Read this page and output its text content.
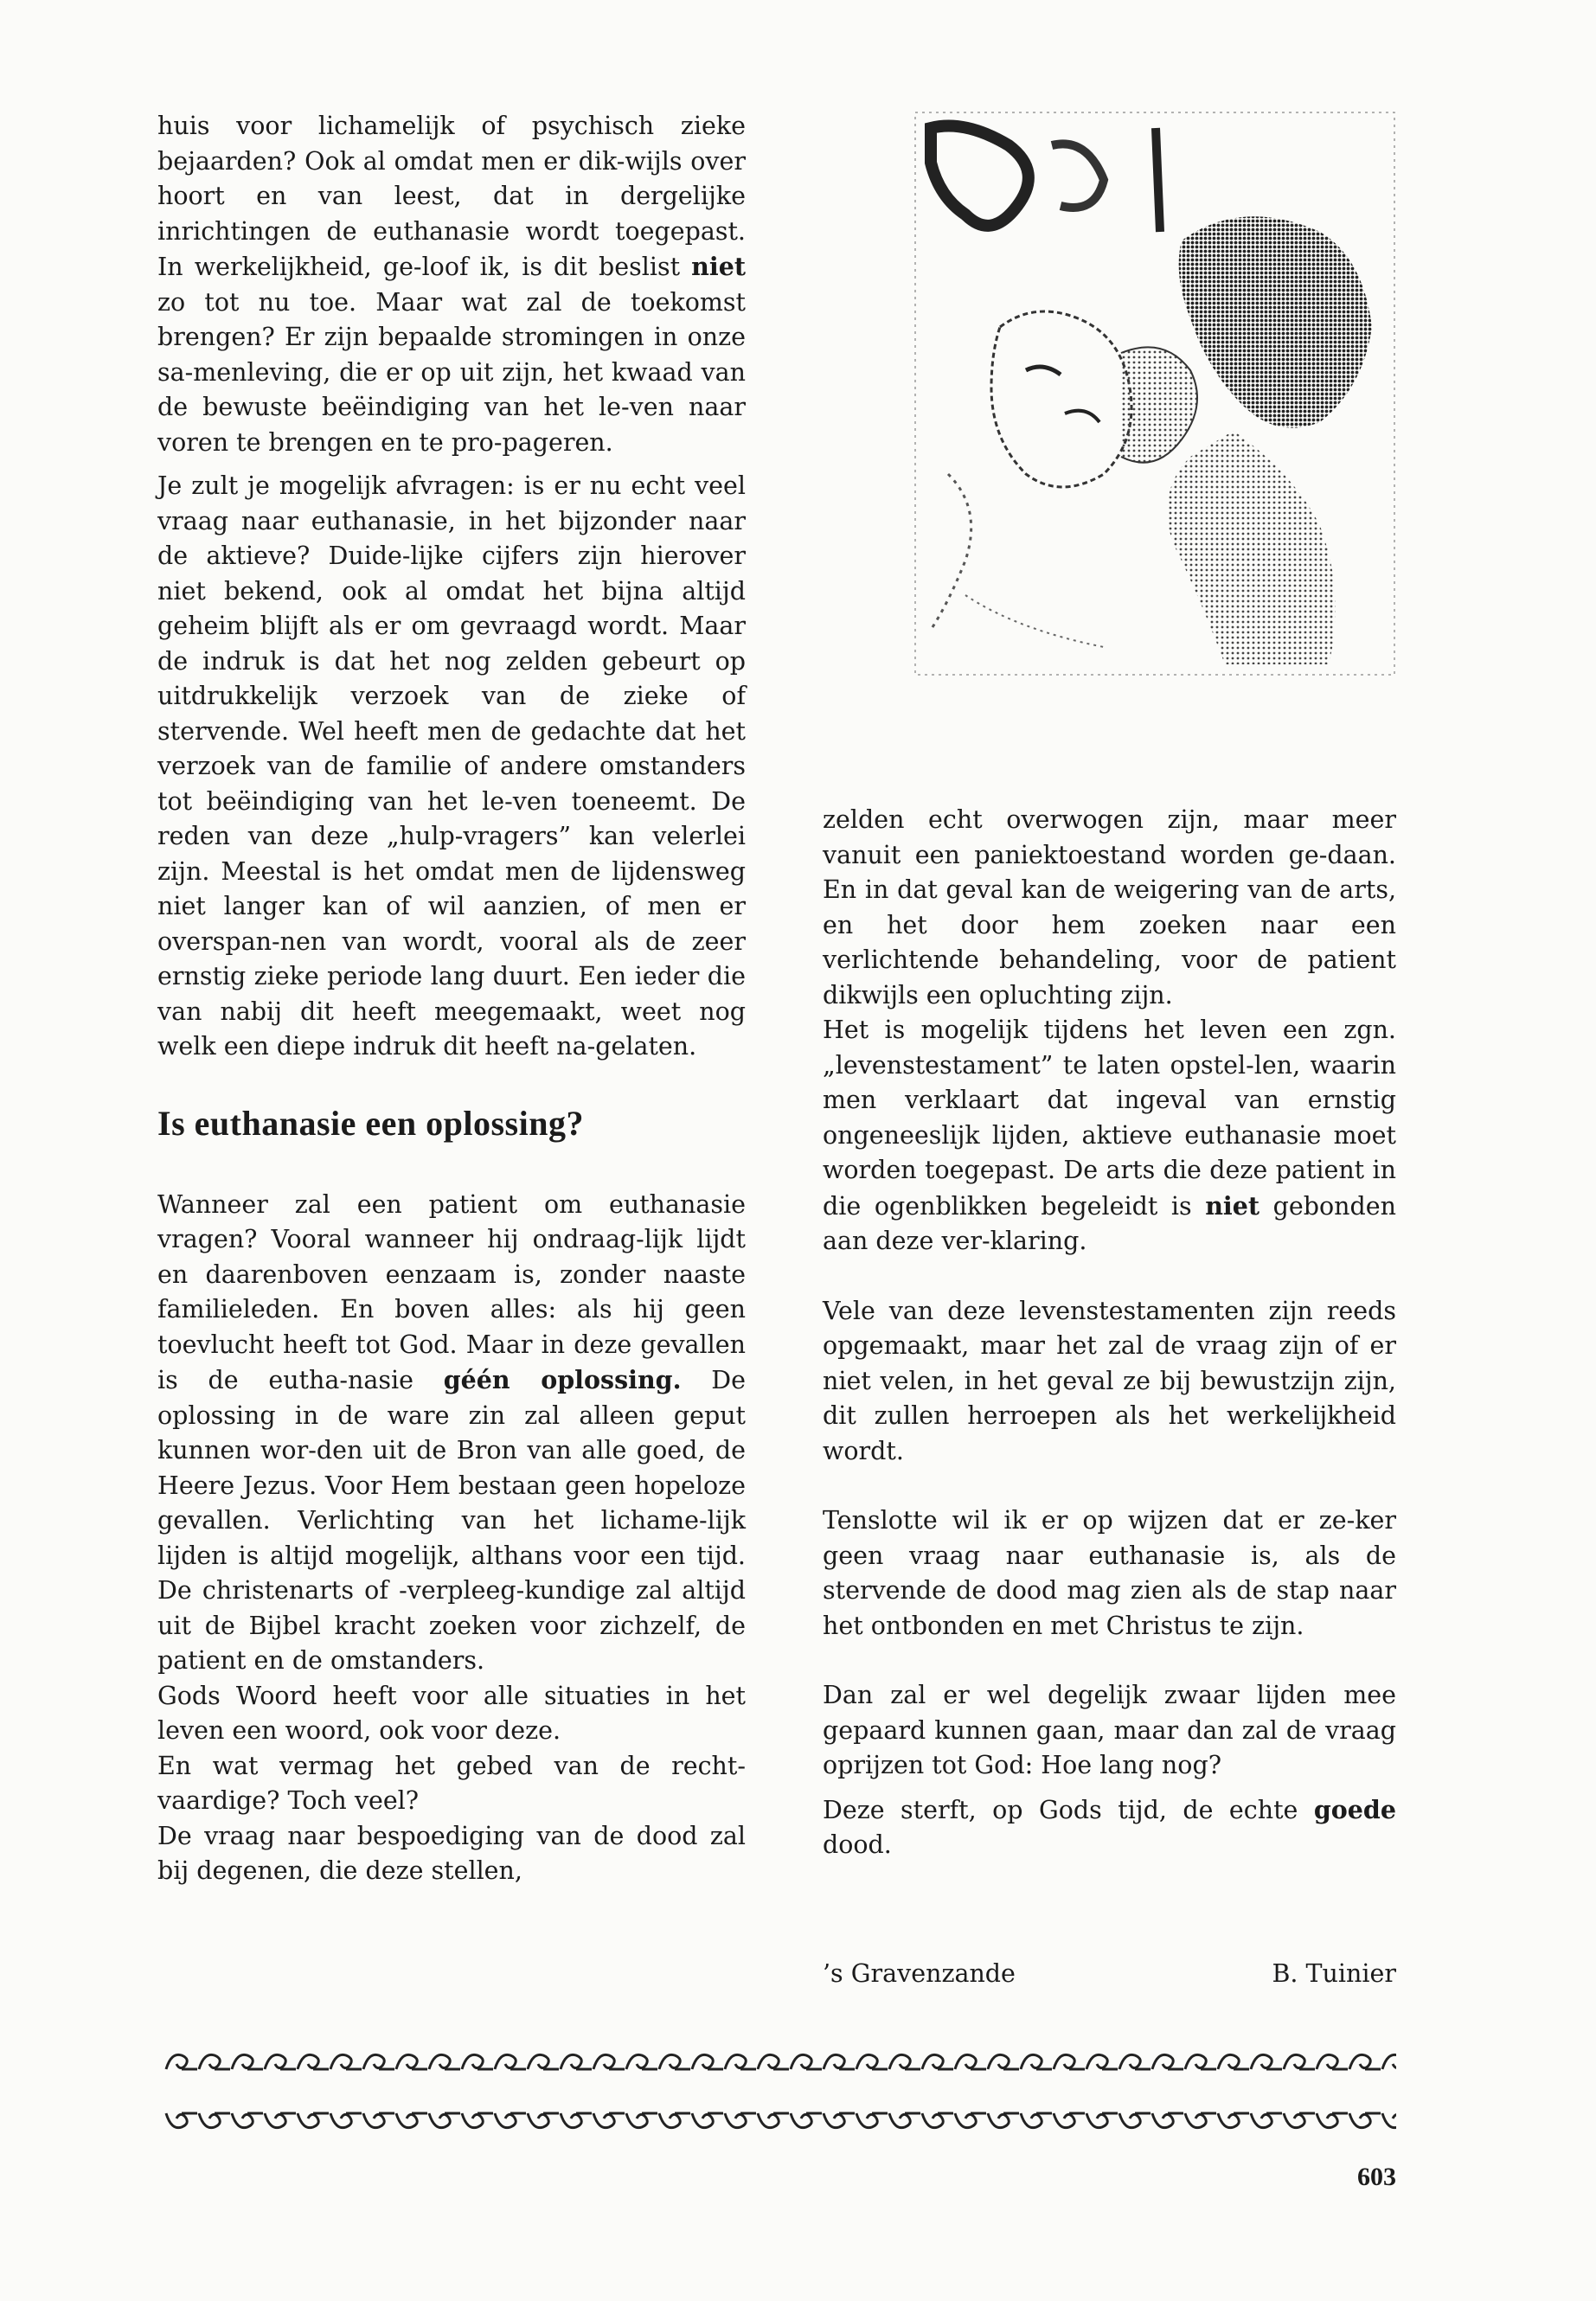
huis voor lichamelijk of psychisch zieke bejaarden? Ook al omdat men er dik-wijls over hoort en van leest, dat in dergelijke inrichtingen de euthanasie wordt toegepast. In werkelijkheid, ge-loof ik, is dit beslist niet zo tot nu toe. Maar wat zal de toekomst brengen? Er zijn bepaalde stromingen in onze sa-menleving, die er op uit zijn, het kwaad van de bewuste beëindiging van het le-ven naar voren te brengen en te pro-pageren.

Je zult je mogelijk afvragen: is er nu echt veel vraag naar euthanasie, in het bijzonder naar de aktieve? Duide-lijke cijfers zijn hierover niet bekend, ook al omdat het bijna altijd geheim blijft als er om gevraagd wordt. Maar de indruk is dat het nog zelden gebeurt op uitdrukkelijk verzoek van de zieke of stervende. Wel heeft men de gedachte dat het verzoek van de familie of andere omstanders tot beëindiging van het le-ven toeneemt. De reden van deze „hulp-vragers” kan velerlei zijn. Meestal is het omdat men de lijdensweg niet langer kan of wil aanzien, of men er overspan-nen van wordt, vooral als de zeer ernstig zieke periode lang duurt. Een ieder die van nabij dit heeft meegemaakt, weet nog welk een diepe indruk dit heeft na-gelaten.

Is euthanasie een oplossing?

Wanneer zal een patient om euthanasie vragen? Vooral wanneer hij ondraag-lijk lijdt en daarenboven eenzaam is, zonder naaste familieleden. En boven alles: als hij geen toevlucht heeft tot God. Maar in deze gevallen is de eutha-nasie géén oplossing. De oplossing in de ware zin zal alleen geput kunnen wor-den uit de Bron van alle goed, de Heere Jezus. Voor Hem bestaan geen hopeloze gevallen. Verlichting van het lichame-lijk lijden is altijd mogelijk, althans voor een tijd. De christenarts of -verpleeg-kundige zal altijd uit de Bijbel kracht zoeken voor zichzelf, de patient en de omstanders.

Gods Woord heeft voor alle situaties in het leven een woord, ook voor deze.

En wat vermag het gebed van de recht-vaardige? Toch veel?

De vraag naar bespoediging van de dood zal bij degenen, die deze stellen,

zelden echt overwogen zijn, maar meer vanuit een paniektoestand worden ge-daan. En in dat geval kan de weigering van de arts, en het door hem zoeken naar een verlichtende behandeling, voor de patient dikwijls een opluchting zijn.

Het is mogelijk tijdens het leven een zgn. „levenstestament” te laten opstel-len, waarin men verklaart dat ingeval van ernstig ongeneeslijk lijden, aktieve euthanasie moet worden toegepast. De arts die deze patient in die ogenblikken begeleidt is niet gebonden aan deze ver-klaring.

Vele van deze levenstestamenten zijn reeds opgemaakt, maar het zal de vraag zijn of er niet velen, in het geval ze bij bewustzijn zijn, dit zullen herroepen als het werkelijkheid wordt.

Tenslotte wil ik er op wijzen dat er ze-ker geen vraag naar euthanasie is, als de stervende de dood mag zien als de stap naar het ontbonden en met Christus te zijn.

Dan zal er wel degelijk zwaar lijden mee gepaard kunnen gaan, maar dan zal de vraag oprijzen tot God: Hoe lang nog?

Deze sterft, op Gods tijd, de echte goede dood.

’s Gravenzande	B. Tuinier
603
